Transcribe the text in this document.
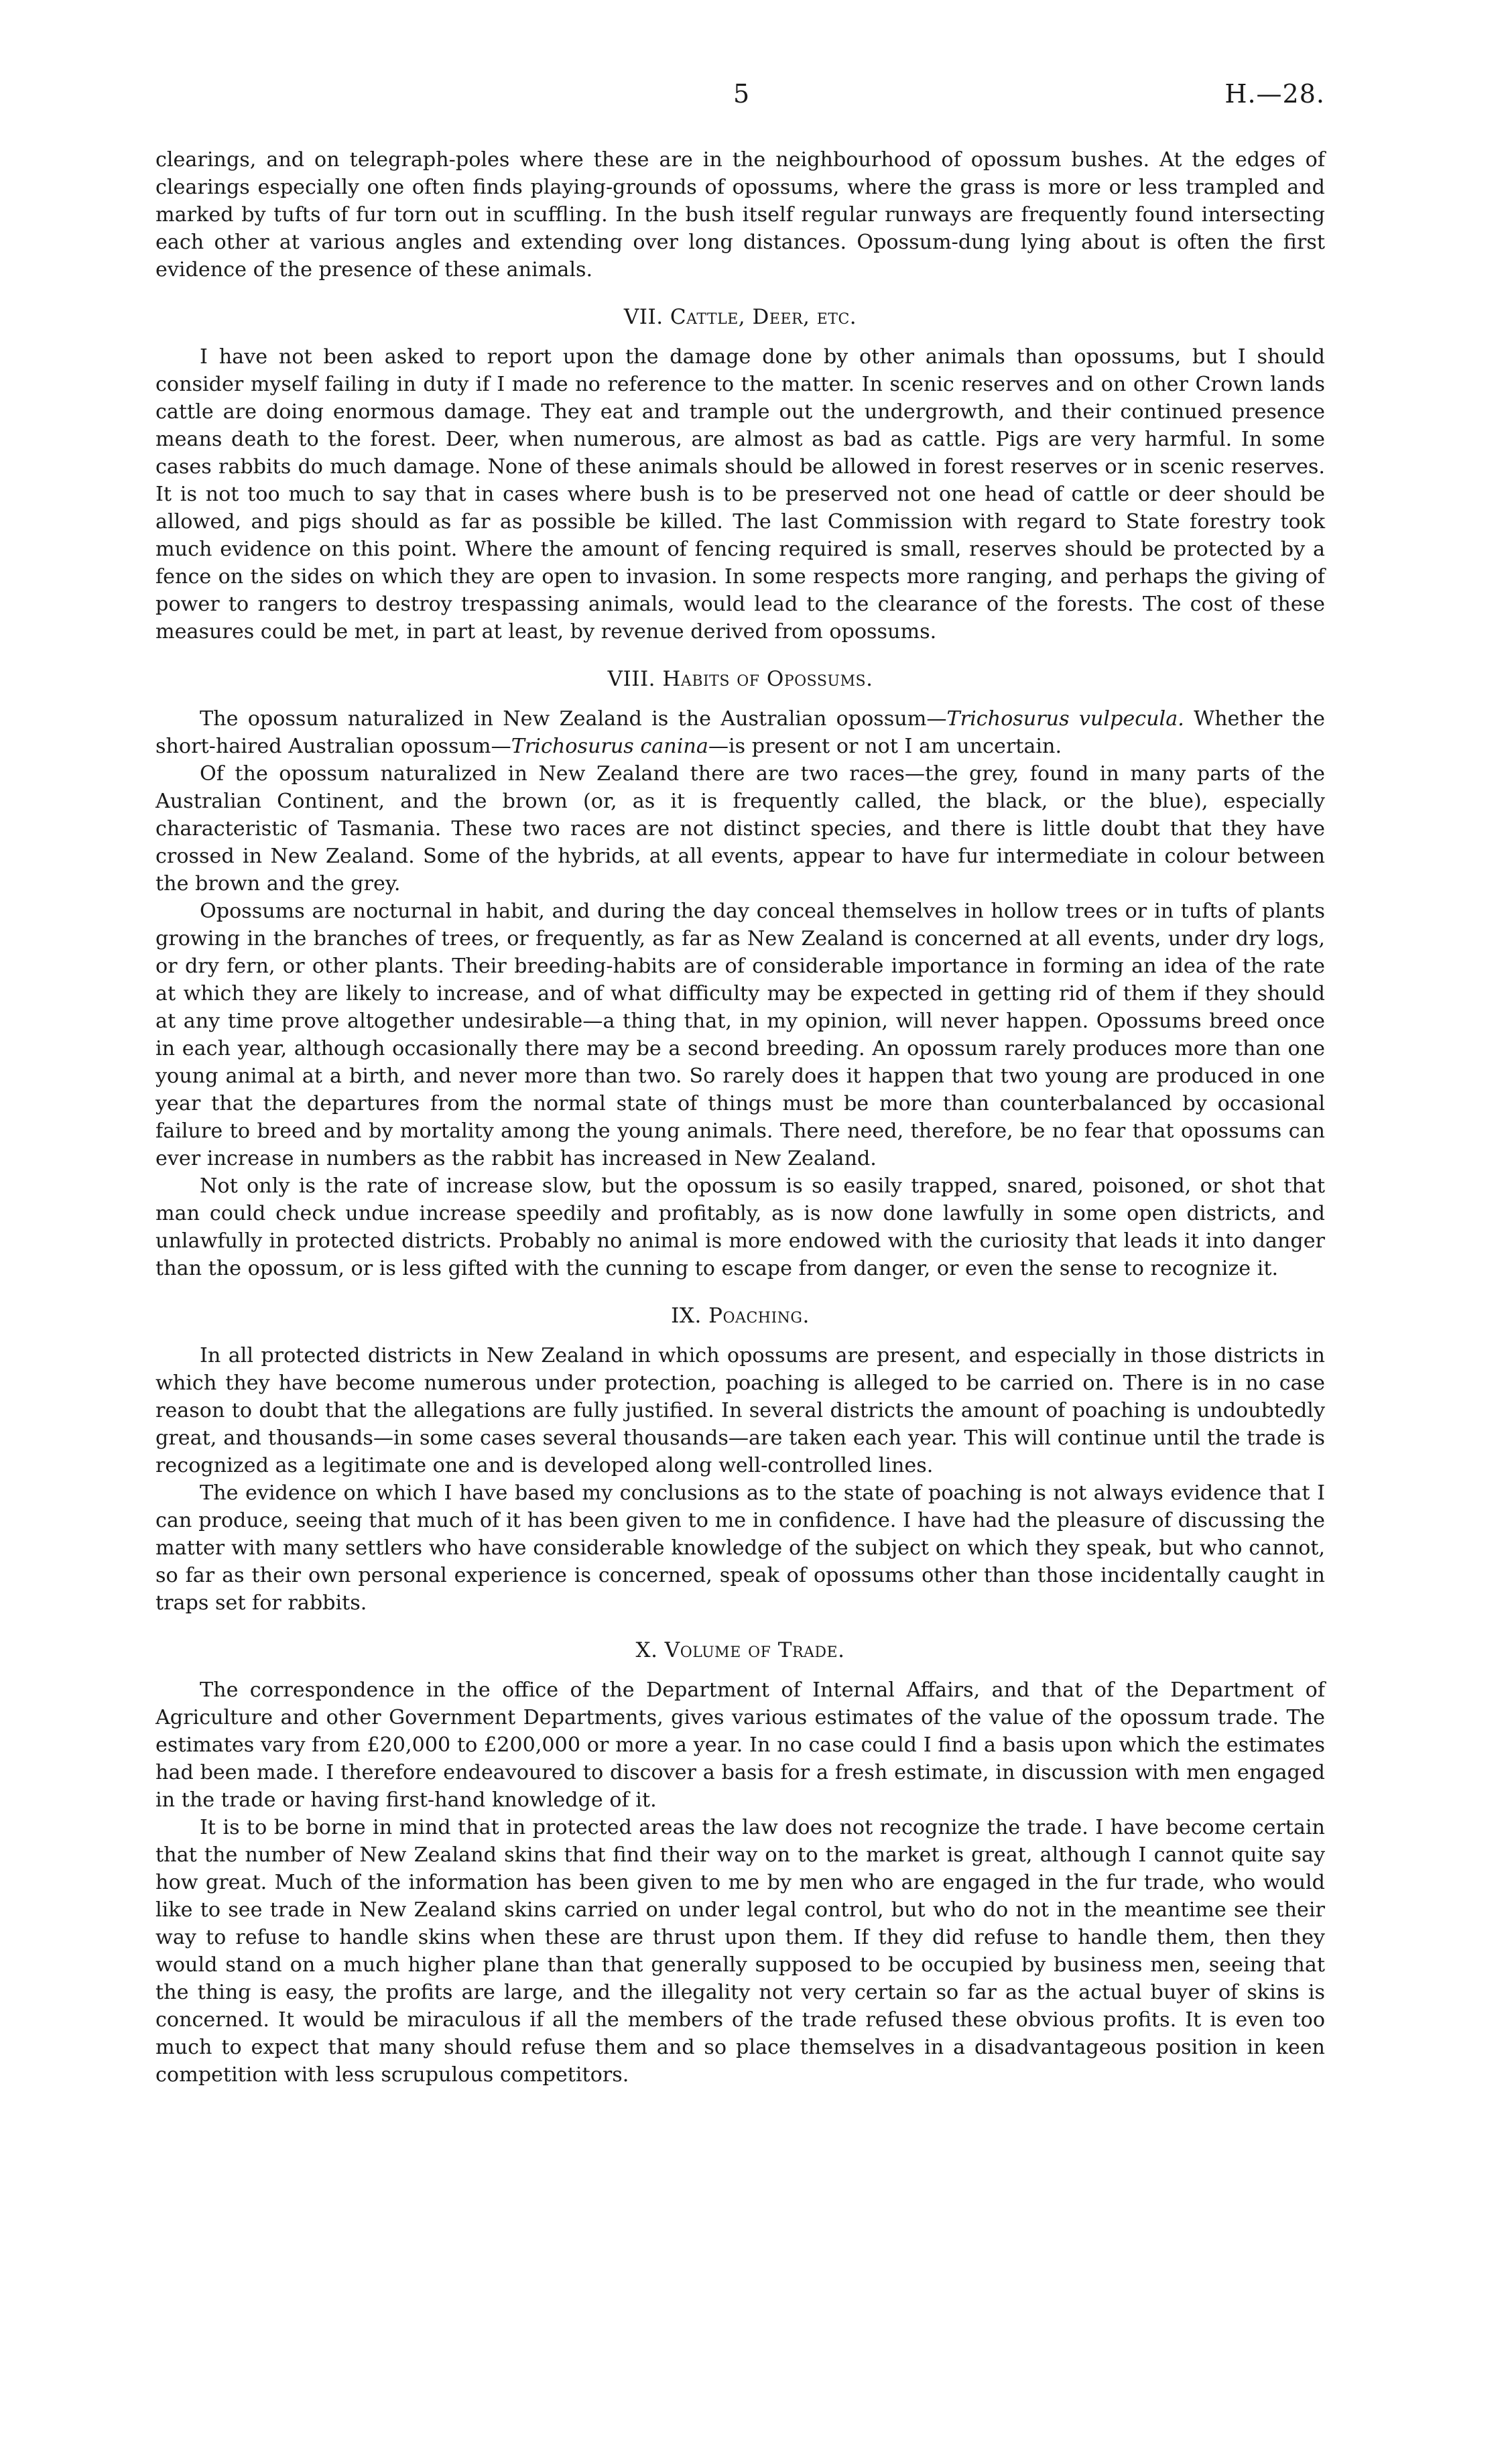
5	H.—28.

clearings, and on telegraph-poles where these are in the neighbourhood of opossum bushes. At the edges of clearings especially one often finds playing-grounds of opossums, where the grass is more or less trampled and marked by tufts of fur torn out in scuffling. In the bush itself regular runways are frequently found intersecting each other at various angles and extending over long distances. Opossum-dung lying about is often the first evidence of the presence of these animals.

VII. Cattle, Deer, etc.

I have not been asked to report upon the damage done by other animals than opossums, but I should consider myself failing in duty if I made no reference to the matter. In scenic reserves and on other Crown lands cattle are doing enormous damage. They eat and trample out the undergrowth, and their continued presence means death to the forest. Deer, when numerous, are almost as bad as cattle. Pigs are very harmful. In some cases rabbits do much damage. None of these animals should be allowed in forest reserves or in scenic reserves. It is not too much to say that in cases where bush is to be preserved not one head of cattle or deer should be allowed, and pigs should as far as possible be killed. The last Commission with regard to State forestry took much evidence on this point. Where the amount of fencing required is small, reserves should be protected by a fence on the sides on which they are open to invasion. In some respects more ranging, and perhaps the giving of power to rangers to destroy trespassing animals, would lead to the clearance of the forests. The cost of these measures could be met, in part at least, by revenue derived from opossums.

VIII. Habits of Opossums.

The opossum naturalized in New Zealand is the Australian opossum—Trichosurus vulpecula. Whether the short-haired Australian opossum—Trichosurus canina—is present or not I am uncertain.

Of the opossum naturalized in New Zealand there are two races—the grey, found in many parts of the Australian Continent, and the brown (or, as it is frequently called, the black, or the blue), especially characteristic of Tasmania. These two races are not distinct species, and there is little doubt that they have crossed in New Zealand. Some of the hybrids, at all events, appear to have fur intermediate in colour between the brown and the grey.

Opossums are nocturnal in habit, and during the day conceal themselves in hollow trees or in tufts of plants growing in the branches of trees, or frequently, as far as New Zealand is concerned at all events, under dry logs, or dry fern, or other plants. Their breeding-habits are of considerable importance in forming an idea of the rate at which they are likely to increase, and of what difficulty may be expected in getting rid of them if they should at any time prove altogether undesirable—a thing that, in my opinion, will never happen. Opossums breed once in each year, although occasionally there may be a second breeding. An opossum rarely produces more than one young animal at a birth, and never more than two. So rarely does it happen that two young are produced in one year that the departures from the normal state of things must be more than counterbalanced by occasional failure to breed and by mortality among the young animals. There need, therefore, be no fear that opossums can ever increase in numbers as the rabbit has increased in New Zealand.

Not only is the rate of increase slow, but the opossum is so easily trapped, snared, poisoned, or shot that man could check undue increase speedily and profitably, as is now done lawfully in some open districts, and unlawfully in protected districts. Probably no animal is more endowed with the curiosity that leads it into danger than the opossum, or is less gifted with the cunning to escape from danger, or even the sense to recognize it.

IX. Poaching.

In all protected districts in New Zealand in which opossums are present, and especially in those districts in which they have become numerous under protection, poaching is alleged to be carried on. There is in no case reason to doubt that the allegations are fully justified. In several districts the amount of poaching is undoubtedly great, and thousands—in some cases several thousands—are taken each year. This will continue until the trade is recognized as a legitimate one and is developed along well-controlled lines.

The evidence on which I have based my conclusions as to the state of poaching is not always evidence that I can produce, seeing that much of it has been given to me in confidence. I have had the pleasure of discussing the matter with many settlers who have considerable knowledge of the subject on which they speak, but who cannot, so far as their own personal experience is concerned, speak of opossums other than those incidentally caught in traps set for rabbits.

X. Volume of Trade.

The correspondence in the office of the Department of Internal Affairs, and that of the Department of Agriculture and other Government Departments, gives various estimates of the value of the opossum trade. The estimates vary from £20,000 to £200,000 or more a year. In no case could I find a basis upon which the estimates had been made. I therefore endeavoured to discover a basis for a fresh estimate, in discussion with men engaged in the trade or having first-hand knowledge of it.

It is to be borne in mind that in protected areas the law does not recognize the trade. I have become certain that the number of New Zealand skins that find their way on to the market is great, although I cannot quite say how great. Much of the information has been given to me by men who are engaged in the fur trade, who would like to see trade in New Zealand skins carried on under legal control, but who do not in the meantime see their way to refuse to handle skins when these are thrust upon them. If they did refuse to handle them, then they would stand on a much higher plane than that generally supposed to be occupied by business men, seeing that the thing is easy, the profits are large, and the illegality not very certain so far as the actual buyer of skins is concerned. It would be miraculous if all the members of the trade refused these obvious profits. It is even too much to expect that many should refuse them and so place themselves in a disadvantageous position in keen competition with less scrupulous competitors.
